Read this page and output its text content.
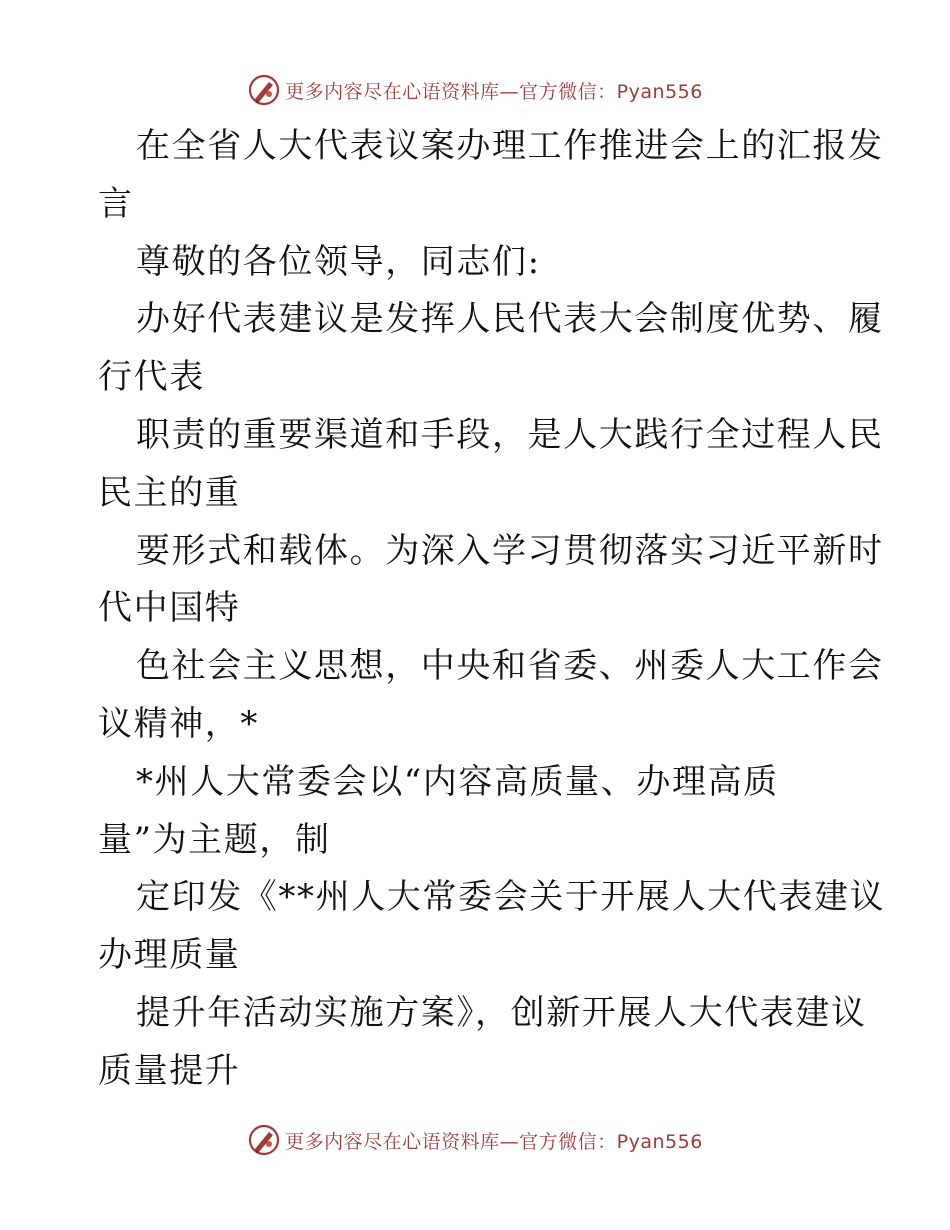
更多内容尽在心语资料库—官方微信：Pyan556
在全省人大代表议案办理工作推进会上的汇报发
言
尊敬的各位领导，同志们:
办好代表建议是发挥人民代表大会制度优势、履
行代表
职责的重要渠道和手段，是人大践行全过程人民
民主的重
要形式和载体。为深入学习贯彻落实习近平新时
代中国特
色社会主义思想，中央和省委、州委人大工作会
议精神，*
*州人大常委会以“内容高质量、办理高质
量”为主题，制
定印发《**州人大常委会关于开展人大代表建议
办理质量
提升年活动实施方案》，创新开展人大代表建议
质量提升
更多内容尽在心语资料库—官方微信：Pyan556
